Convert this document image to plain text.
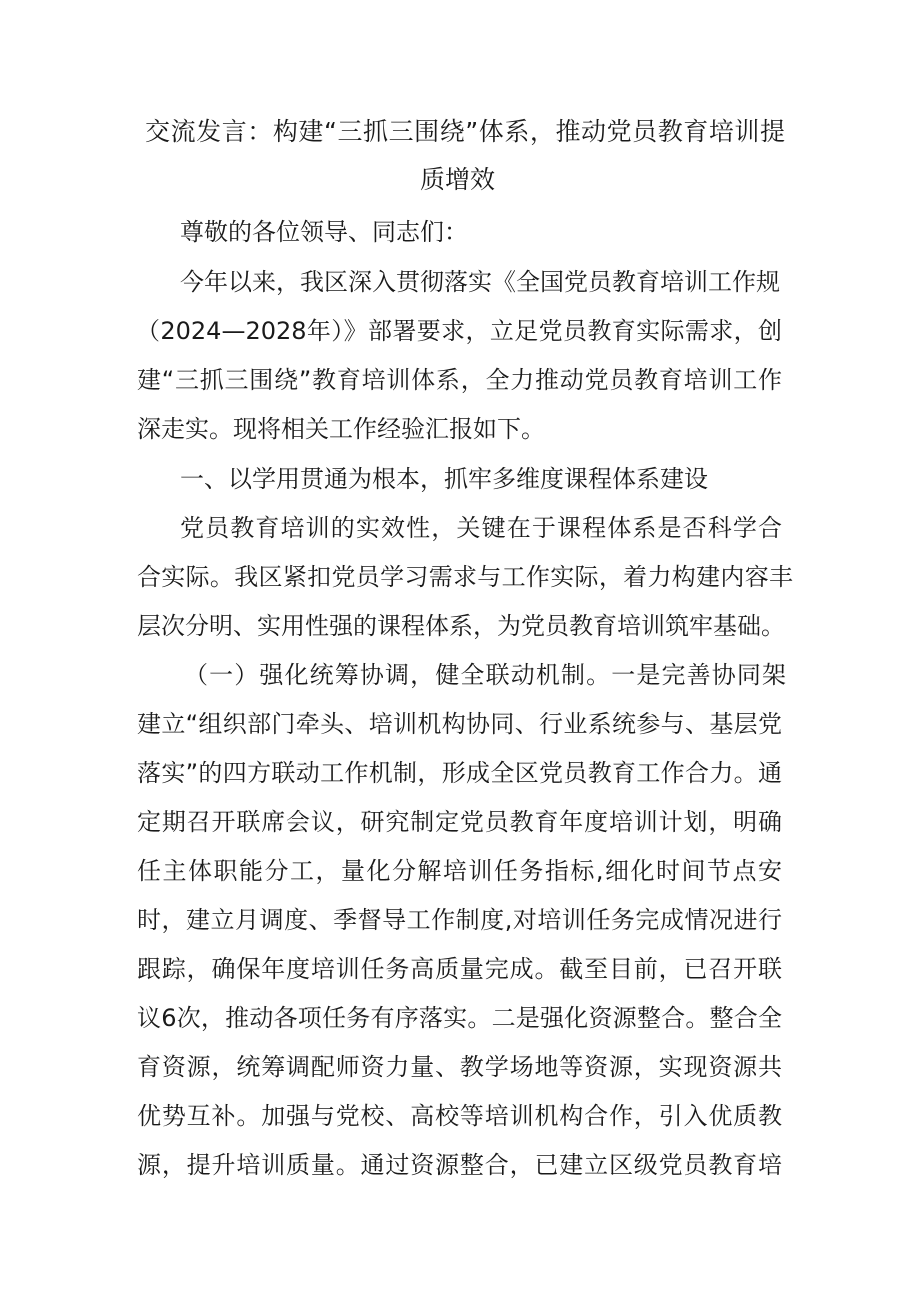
交流发言：构建“三抓三围绕”体系，推动党员教育培训提
质增效
尊敬的各位领导、同志们：
今年以来，我区深入贯彻落实《全国党员教育培训工作规
（2024—2028年）》部署要求，立足党员教育实际需求，创
建“三抓三围绕”教育培训体系，全力推动党员教育培训工作
深走实。现将相关工作经验汇报如下。
一、以学用贯通为根本，抓牢多维度课程体系建设
党员教育培训的实效性，关键在于课程体系是否科学合
合实际。我区紧扣党员学习需求与工作实际，着力构建内容丰
层次分明、实用性强的课程体系，为党员教育培训筑牢基础。
（一）强化统筹协调，健全联动机制。一是完善协同架
建立“组织部门牵头、培训机构协同、行业系统参与、基层党
落实”的四方联动工作机制，形成全区党员教育工作合力。通
定期召开联席会议，研究制定党员教育年度培训计划，明确
任主体职能分工，量化分解培训任务指标,细化时间节点安
时，建立月调度、季督导工作制度,对培训任务完成情况进行
跟踪，确保年度培训任务高质量完成。截至目前，已召开联
议6次，推动各项任务有序落实。二是强化资源整合。整合全
育资源，统筹调配师资力量、教学场地等资源，实现资源共
优势互补。加强与党校、高校等培训机构合作，引入优质教
源，提升培训质量。通过资源整合，已建立区级党员教育培
